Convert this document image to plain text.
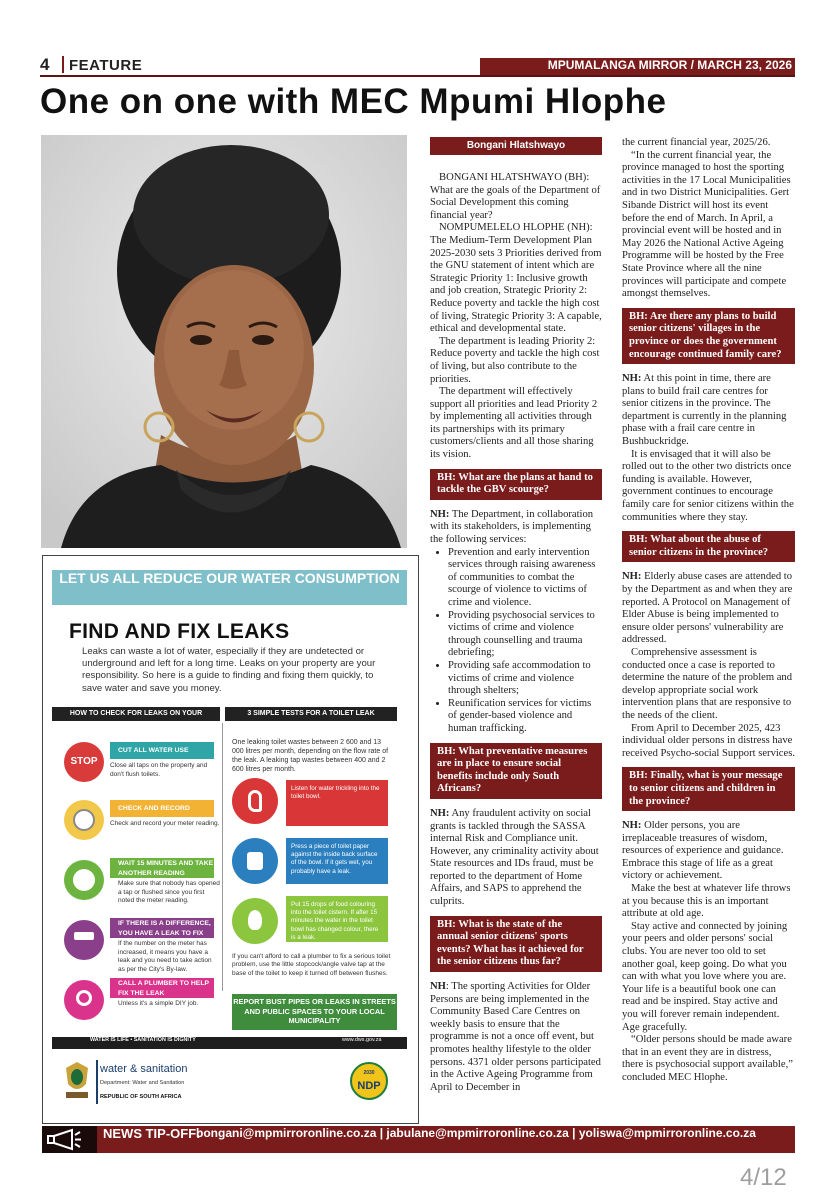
4 FEATURE	MPUMALANGA MIRROR / MARCH 23, 2026
One on one with MEC Mpumi Hlophe
Bongani Hlatshwayo

BONGANI HLATSHWAYO (BH): What are the goals of the Department of Social Development this coming financial year?

NOMPUMELELO HLOPHE (NH): The Medium-Term Development Plan 2025-2030 sets 3 Priorities derived from the GNU statement of intent which are Strategic Priority 1: Inclusive growth and job creation, Strategic Priority 2: Reduce poverty and tackle the high cost of living, Strategic Priority 3: A capable, ethical and developmental state.

The department is leading Priority 2: Reduce poverty and tackle the high cost of living, but also contribute to the priorities.

The department will effectively support all priorities and lead Priority 2 by implementing all activities through its partnerships with its primary customers/clients and all those sharing its vision.

BH: What are the plans at hand to tackle the GBV scourge?

NH: The Department, in collaboration with its stakeholders, is implementing the following services:

• Prevention and early intervention services through raising awareness of communities to combat the scourge of violence to victims of crime and violence.
• Providing psychosocial services to victims of crime and violence through counselling and trauma debriefing;
• Providing safe accommodation to victims of crime and violence through shelters;
• Reunification services for victims of gender-based violence and human trafficking.
BH: What preventative measures are in place to ensure social benefits include only South Africans?

NH: Any fraudulent activity on social grants is tackled through the SASSA internal Risk and Compliance unit. However, any criminality activity about State resources and IDs fraud, must be reported to the department of Home Affairs, and SAPS to apprehend the culprits.

BH: What is the state of the annual senior citizens' sports events? What has it achieved for the senior citizens thus far?

NH: The sporting Activities for Older Persons are being implemented in the Community Based Care Centres on weekly basis to ensure that the programme is not a once off event, but promotes healthy lifestyle to the older persons. 4371 older persons participated in the Active Ageing Programme from April to December in

the current financial year, 2025/26.

“In the current financial year, the province managed to host the sporting activities in the 17 Local Municipalities and in two District Municipalities. Gert Sibande District will host its event before the end of March. In April, a provincial event will be hosted and in May 2026 the National Active Ageing Programme will be hosted by the Free State Province where all the nine provinces will participate and compete amongst themselves.

BH: Are there any plans to build senior citizens' villages in the province or does the government encourage continued family care?

NH: At this point in time, there are plans to build frail care centres for senior citizens in the province. The department is currently in the planning phase with a frail care centre in Bushbuckridge.

It is envisaged that it will also be rolled out to the other two districts once funding is available. However, government continues to encourage family care for senior citizens within the communities where they stay.

BH: What about the abuse of senior citizens in the province?

NH: Elderly abuse cases are attended to by the Department as and when they are reported. A Protocol on Management of Elder Abuse is being implemented to ensure older persons' vulnerability are addressed.

Comprehensive assessment is conducted once a case is reported to determine the nature of the problem and develop appropriate social work intervention plans that are responsive to the needs of the client.

From April to December 2025, 423 individual older persons in distress have received Psycho-social Support services.

BH: Finally, what is your message to senior citizens and children in the province?

NH: Older persons, you are irreplaceable treasures of wisdom, resources of experience and guidance. Embrace this stage of life as a great victory or achievement.

Make the best at whatever life throws at you because this is an important attribute at old age.

Stay active and connected by joining your peers and older persons' social clubs. You are never too old to set another goal, keep going. Do what you can with what you love where you are. Your life is a beautiful book one can read and be inspired. Stay active and you will forever remain independent. Age gracefully.

“Older persons should be made aware that in an event they are in distress, there is psychosocial support available,” concluded MEC Hlophe.

LET US ALL REDUCE OUR WATER CONSUMPTION
FIND AND FIX LEAKS
Leaks can waste a lot of water, especially if they are undetected or underground and left for a long time. Leaks on your property are your responsibility. So here is a guide to finding and fixing them quickly, to save water and save you money.
HOW TO CHECK FOR LEAKS ON YOUR PROPERTY
3 SIMPLE TESTS FOR A TOILET LEAK
STOP
CUT ALL WATER USE
Close all taps on the property and don't flush toilets.
CHECK AND RECORD
Check and record your meter reading.
WAIT 15 MINUTES AND TAKE ANOTHER READING
Make sure that nobody has opened a tap or flushed since you first noted the meter reading.
IF THERE IS A DIFFERENCE, YOU HAVE A LEAK TO FIX
If the number on the meter has increased, it means you have a leak and you need to take action as per the City's By-law.
CALL A PLUMBER TO HELP FIX THE LEAK
Unless it's a simple DIY job.
One leaking toilet wastes between 2 600 and 13 000 litres per month, depending on the flow rate of the leak. A leaking tap wastes between 400 and 2 600 litres per month.
Listen for water trickling into the toilet bowl.
Press a piece of toilet paper against the inside back surface of the bowl. If it gets wet, you probably have a leak.
Put 15 drops of food colouring into the toilet cistern. If after 15 minutes the water in the toilet bowl has changed colour, there is a leak.
If you can't afford to call a plumber to fix a serious toilet problem, use the little stopcock/angle valve tap at the base of the toilet to keep it turned off between flushes.
REPORT BUST PIPES OR LEAKS IN STREETS AND PUBLIC SPACES TO YOUR LOCAL MUNICIPALITY
WATER IS LIFE • SANITATION IS DIGNITY	www.dws.gov.za
water & sanitation
Department: Water and Sanitation
REPUBLIC OF SOUTH AFRICA
2030
NDP
NEWS TIP-OFF:
bongani@mpmirroronline.co.za | jabulane@mpmirroronline.co.za | yoliswa@mpmirroronline.co.za
4/12
